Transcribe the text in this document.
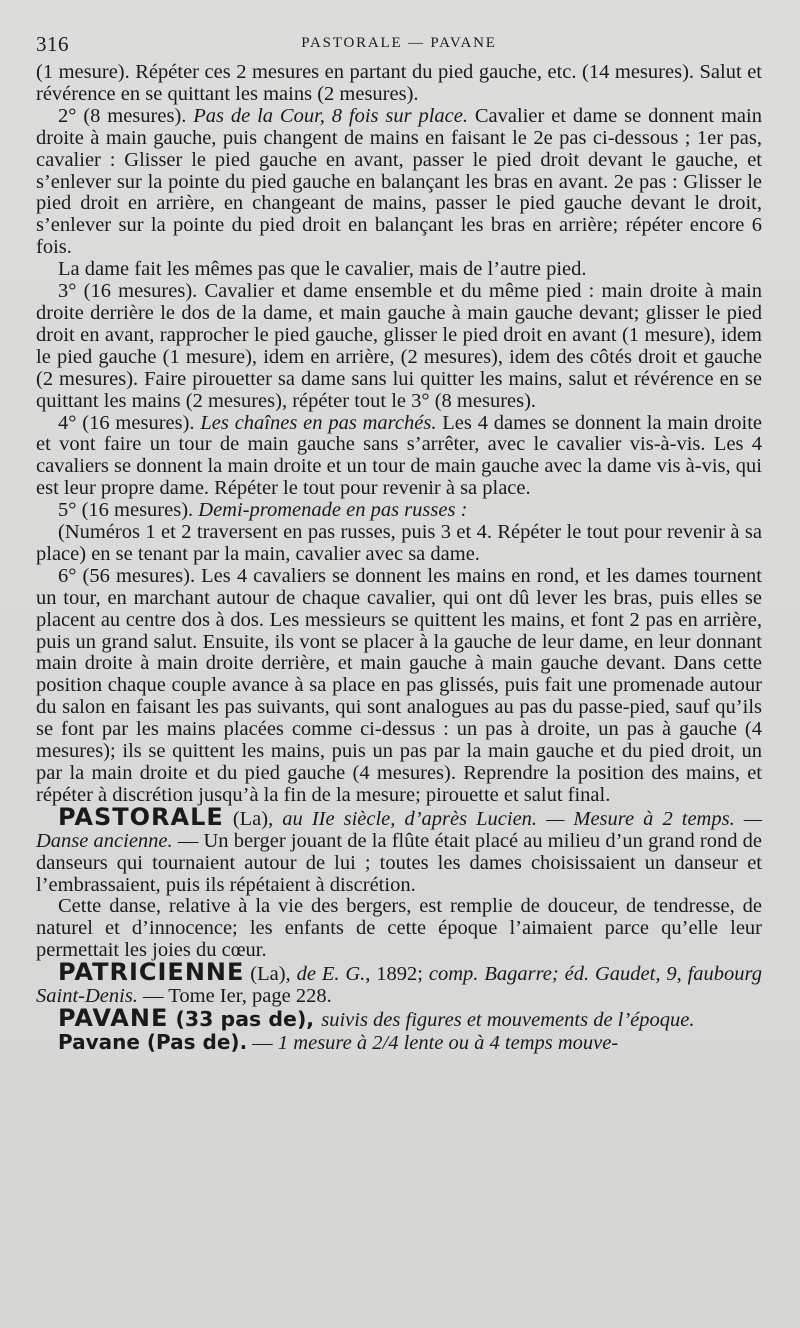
316	PASTORALE — PAVANE

(1 mesure). Répéter ces 2 mesures en partant du pied gauche, etc. (14 mesures). Salut et révérence en se quittant les mains (2 mesures).

2° (8 mesures). Pas de la Cour, 8 fois sur place. Cavalier et dame se donnent main droite à main gauche, puis changent de mains en faisant le 2e pas ci-dessous ; 1er pas, cavalier : Glisser le pied gauche en avant, passer le pied droit devant le gauche, et s’enlever sur la pointe du pied gauche en balançant les bras en avant. 2e pas : Glisser le pied droit en arrière, en changeant de mains, passer le pied gauche devant le droit, s’enlever sur la pointe du pied droit en balançant les bras en arrière; répéter encore 6 fois.

La dame fait les mêmes pas que le cavalier, mais de l’autre pied.

3° (16 mesures). Cavalier et dame ensemble et du même pied : main droite à main droite derrière le dos de la dame, et main gauche à main gauche devant; glisser le pied droit en avant, rapprocher le pied gauche, glisser le pied droit en avant (1 mesure), idem le pied gauche (1 mesure), idem en arrière, (2 mesures), idem des côtés droit et gauche (2 mesures). Faire pirouetter sa dame sans lui quitter les mains, salut et révérence en se quittant les mains (2 mesures), répéter tout le 3° (8 mesures).

4° (16 mesures). Les chaînes en pas marchés. Les 4 dames se donnent la main droite et vont faire un tour de main gauche sans s’arrêter, avec le cavalier vis-à-vis. Les 4 cavaliers se donnent la main droite et un tour de main gauche avec la dame vis à-vis, qui est leur propre dame. Répéter le tout pour revenir à sa place.

5° (16 mesures). Demi-promenade en pas russes :

(Numéros 1 et 2 traversent en pas russes, puis 3 et 4. Répéter le tout pour revenir à sa place) en se tenant par la main, cavalier avec sa dame.

6° (56 mesures). Les 4 cavaliers se donnent les mains en rond, et les dames tournent un tour, en marchant autour de chaque cavalier, qui ont dû lever les bras, puis elles se placent au centre dos à dos. Les messieurs se quittent les mains, et font 2 pas en arrière, puis un grand salut. Ensuite, ils vont se placer à la gauche de leur dame, en leur donnant main droite à main droite derrière, et main gauche à main gauche devant. Dans cette position chaque couple avance à sa place en pas glissés, puis fait une promenade autour du salon en faisant les pas suivants, qui sont analogues au pas du passe-pied, sauf qu’ils se font par les mains placées comme ci-dessus : un pas à droite, un pas à gauche (4 mesures); ils se quittent les mains, puis un pas par la main gauche et du pied droit, un par la main droite et du pied gauche (4 mesures). Reprendre la position des mains, et répéter à discrétion jusqu’à la fin de la mesure; pirouette et salut final.

PASTORALE (La), au IIe siècle, d’après Lucien. — Mesure à 2 temps. — Danse ancienne. — Un berger jouant de la flûte était placé au milieu d’un grand rond de danseurs qui tournaient autour de lui ; toutes les dames choisissaient un danseur et l’embrassaient, puis ils répétaient à discrétion.

Cette danse, relative à la vie des bergers, est remplie de douceur, de tendresse, de naturel et d’innocence; les enfants de cette époque l’aimaient parce qu’elle leur permettait les joies du cœur.

PATRICIENNE (La), de E. G., 1892; comp. Bagarre; éd. Gaudet, 9, faubourg Saint-Denis. — Tome Ier, page 228.

PAVANE (33 pas de), suivis des figures et mouvements de l’époque.

Pavane (Pas de). — 1 mesure à 2/4 lente ou à 4 temps mouve-
